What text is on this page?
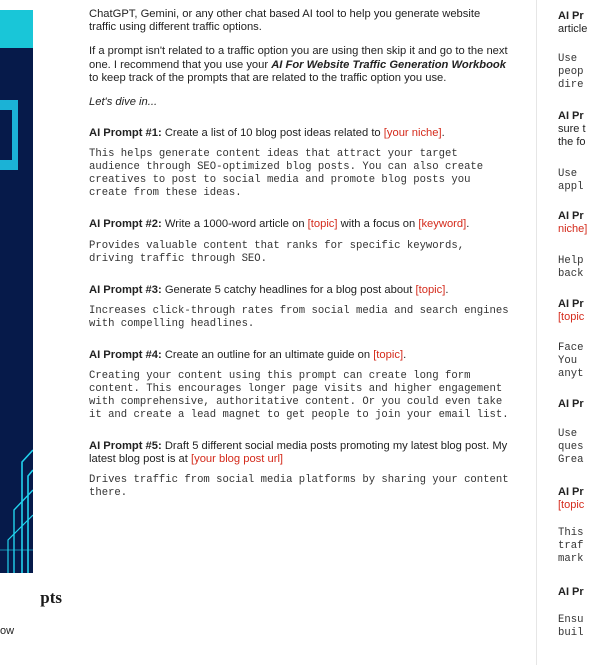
pts
ow

ChatGPT, Gemini, or any other chat based AI tool to help you generate website traffic using different traffic options.

If a prompt isn't related to a traffic option you are using then skip it and go to the next one. I recommend that you use your AI For Website Traffic Generation Workbook to keep track of the prompts that are related to the traffic option you use.

Let's dive in...

AI Prompt #1: Create a list of 10 blog post ideas related to [your niche].

This helps generate content ideas that attract your target audience through SEO-optimized blog posts. You can also create creatives to post to social media and promote blog posts you create from these ideas.

AI Prompt #2: Write a 1000-word article on [topic] with a focus on [keyword].

Provides valuable content that ranks for specific keywords, driving traffic through SEO.

AI Prompt #3: Generate 5 catchy headlines for a blog post about [topic].

Increases click-through rates from social media and search engines with compelling headlines.

AI Prompt #4: Create an outline for an ultimate guide on [topic].

Creating your content using this prompt can create long form content. This encourages longer page visits and higher engagement with comprehensive, authoritative content. Or you could even take it and create a lead magnet to get people to join your email list.

AI Prompt #5: Draft 5 different social media posts promoting my latest blog post. My latest blog post is at [your blog post url]

Drives traffic from social media platforms by sharing your content there.

AI Pr

article

Use
peop
dire

AI Pr

sure t

the fo

Use
appl

AI Pr

niche]

Help
back

AI Pr

[topic

Face
You
anyt

AI Pr

Use
ques
Grea

AI Pr

[topic

This
traf
mark

AI Pr

Ensu
buil
